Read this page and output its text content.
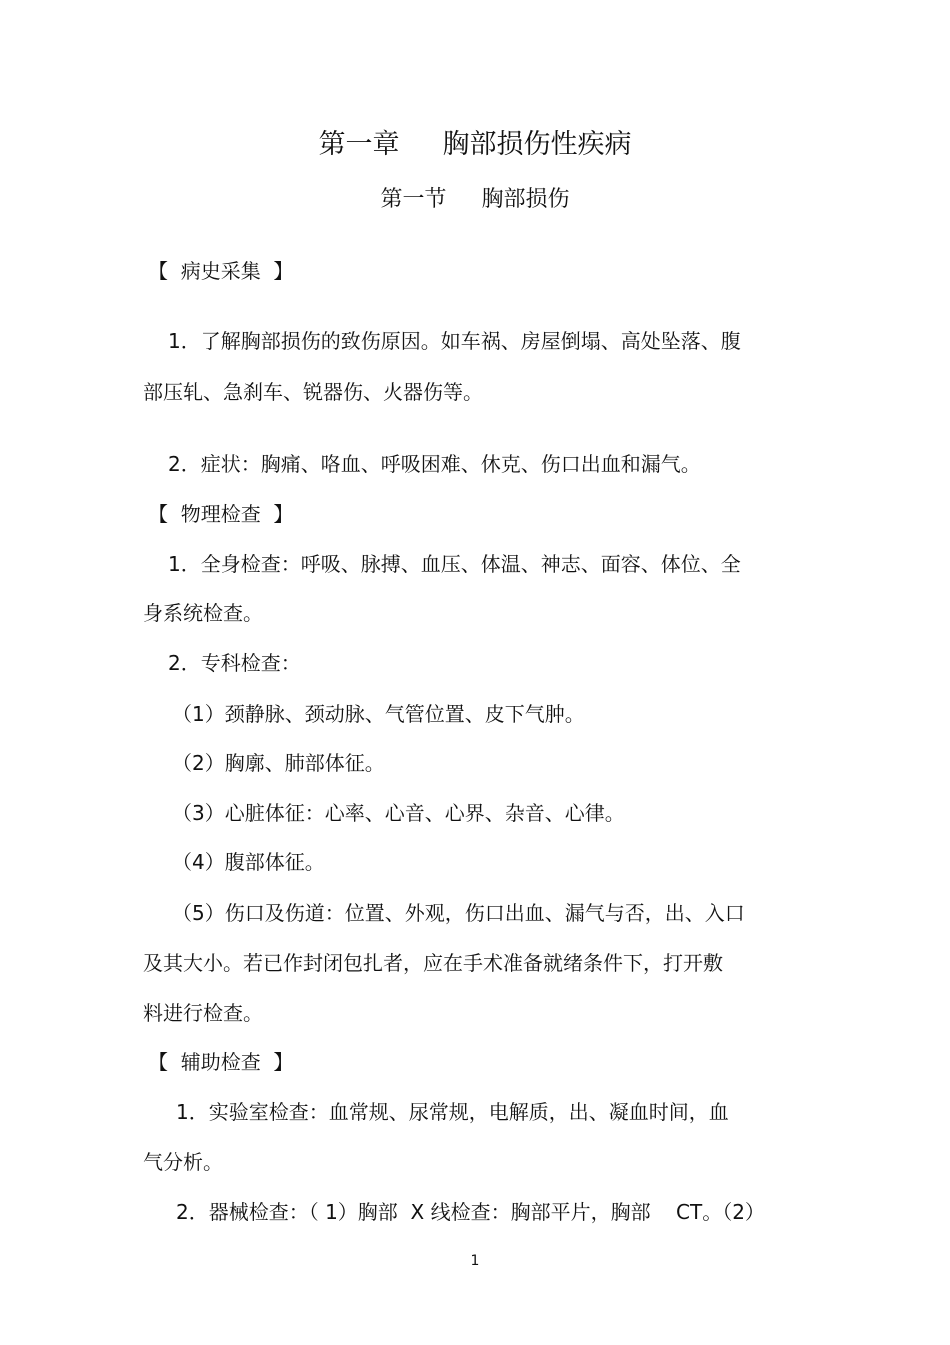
第一章     胸部损伤性疾病
第一节     胸部损伤
【  病史采集  】
1．了解胸部损伤的致伤原因。如车祸、房屋倒塌、高处坠落、腹
部压轧、急刹车、锐器伤、火器伤等。
2．症状：胸痛、咯血、呼吸困难、休克、伤口出血和漏气。
【  物理检查  】
1．全身检查：呼吸、脉搏、血压、体温、神志、面容、体位、全
身系统检查。
2．专科检查：
（1）颈静脉、颈动脉、气管位置、皮下气肿。
（2）胸廓、肺部体征。
（3）心脏体征：心率、心音、心界、杂音、心律。
（4）腹部体征。
（5）伤口及伤道：位置、外观，伤口出血、漏气与否，出、入口
及其大小。若已作封闭包扎者，应在手术准备就绪条件下，打开敷
料进行检查。
【  辅助检查  】
1．实验室检查：血常规、尿常规，电解质，出、凝血时间，血
气分析。
2．器械检查：（ 1）胸部  X 线检查：胸部平片，胸部    CT。（2）
1
